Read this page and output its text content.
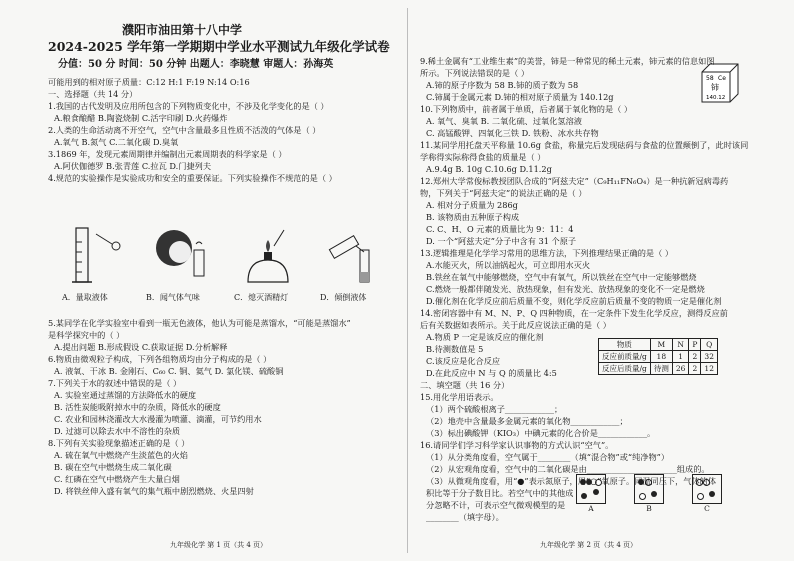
濮阳市油田第十八中学
2024-2025 学年第一学期期中学业水平测试九年级化学试卷
分值：50 分 时间：50 分钟 出题人：李晓慧 审题人：孙海英
可能用到的相对原子质量：C:12 H:1 F:19 N:14 O:16
一、选择题（共 14 分）
1.我国的古代发明及应用所包含的下列物质变化中，不涉及化学变化的是（ ）
A.粮食酿醋 B.陶瓷烧制 C.活字印刷 D.火药爆炸
2.人类的生命活动离不开空气，空气中含量最多且性质不活泼的气体是（ ）
A.氧气 B.氮气 C.二氧化碳 D.臭氧
3.1869 年，发现元素周期律并编制出元素周期表的科学家是（ ）
A.阿伏伽德罗 B.张青莲 C.拉瓦 D.门捷列夫
4.规范的实验操作是实验成功和安全的重要保证。下列实验操作不规范的是（ ）
5.某同学在化学实验室中看到一瓶无色液体，他认为可能是蒸馏水，“可能是蒸馏水”
是科学探究中的（ ）
A.提出问题 B.形成假设 C.获取证据 D.分析解释
6.物质由微观粒子构成，下列各组物质均由分子构成的是（ ）
A. 液氧、干冰 B. 金刚石、C₆₀ C. 铜、氦气 D. 氯化镁、硫酸铜
7.下列关于水的叙述中错误的是（ ）
A. 实验室通过蒸馏的方法降低水的硬度
B. 活性炭能吸附掉水中的杂质，降低水的硬度
C. 农业和园林浇灌改大水漫灌为喷灌、滴灌，可节约用水
D. 过滤可以除去水中不溶性的杂质
8.下列有关实验现象描述正确的是（ ）
A. 硫在氧气中燃烧产生淡蓝色的火焰
B. 碳在空气中燃烧生成二氧化碳
C. 红磷在空气中燃烧产生大量白烟
D. 将铁丝伸入盛有氧气的集气瓶中剧烈燃烧、火星四射
A．量取液体	B．闻气体气味	C．熄灭酒精灯	D．倾倒液体
58 Ce
铈
140.12
物质	M	N	P	Q
反应前质量/g	18	1	2	32
反应后质量/g	待测	26	2	12
A	B	C
9.稀土金属有“工业维生素”的美誉，铈是一种常见的稀土元素，铈元素的信息如图
所示。下列说法错误的是（ ）
A.铈的原子序数为 58 B.铈的质子数为 58
C.铈属于金属元素 D.铈的相对原子质量为 140.12g
10.下列物质中，前者属于单质，后者属于氧化物的是（ ）
A. 氧气、臭氧 B. 二氧化硫、过氧化氢溶液
C. 高锰酸钾、四氧化三铁 D. 铁粉、冰水共存物
11.某同学用托盘天平称量 10.6g 食盐，称量完后发现砝码与食盐的位置颠倒了，此时该同
学称得实际称得食盐的质量是（ ）
A.9.4g B. 10g C.10.6g D.11.2g
12.郑州大学常俊标教授团队合成的“阿兹夫定”（C₉H₁₁FN₆O₄）是一种抗新冠病毒药
物，下列关于“阿兹夫定”的说法正确的是（ ）
A. 相对分子质量为 286g
B. 该物质由五种原子构成
C. C、H、O 元素的质量比为 9：11：4
D. 一个“阿兹夫定”分子中含有 31 个原子
13.逻辑推理是化学学习常用的思维方法，下列推理结果正确的是（ ）
A.水能灭火，所以油锅起火，可立即用水灭火
B.铁丝在氧气中能够燃烧，空气中有氧气，所以铁丝在空气中一定能够燃烧
C.燃烧一般都伴随发光、放热现象，但有发光、放热现象的变化不一定是燃烧
D.催化剂在化学反应前后质量不变，则化学反应前后质量不变的物质一定是催化剂
14.密闭容器中有 M、N、P、Q 四种物质，在一定条件下发生化学反应，测得反应前
后有关数据如表所示。关于此反应说法正确的是（ ）
A.物质 P 一定是该反应的催化剂
B.待测数值是 5
C.该反应是化合反应
D.在此反应中 N 与 Q 的质量比 4:5
二、填空题（共 16 分）
15.用化学用语表示。
（1）两个硫酸根离子____________；
（2）地壳中含量最多金属元素的氧化物____________；
（3）标出碘酸钾（KIO₃）中碘元素的化合价是____________。
16.请同学们学习科学家认识事物的方式认识“空气”。
（1）从分类角度看，空气属于________（填“混合物”或“纯净物”）
（2）从宏观角度看，空气中的二氧化碳是由______________________组成的。
（3）从微观角度看，用“●”表示氮原子，用“○”氧原子。同温同压下，气体的体
积比等于分子数目比。若空气中的其他成
分忽略不计，可表示空气微观模型的是
________（填字母）。
九年级化学 第 1 页（共 4 页）	九年级化学 第 2 页（共 4 页）
